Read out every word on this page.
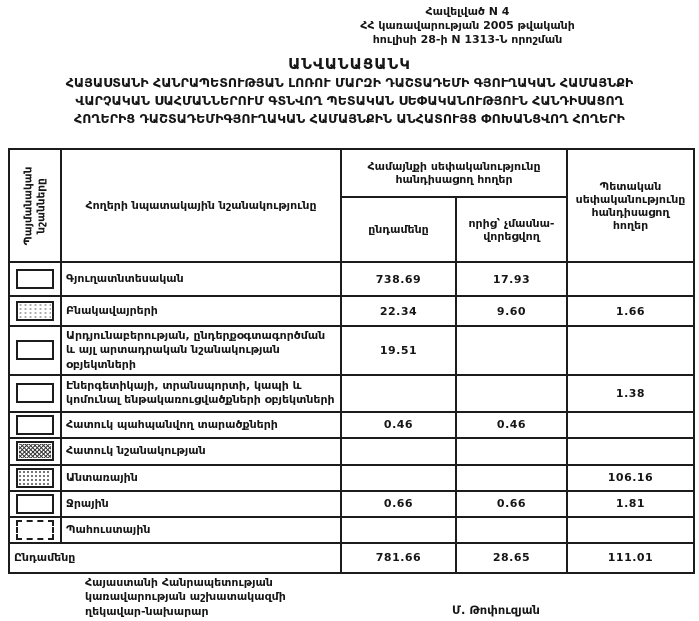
Հավելված N 4
ՀՀ կառավարության 2005 թվականի
հուլիսի 28-ի N 1313-Ն որոշման
ԱՆՎԱՆԱՑԱՆԿ
ՀԱՅԱՍՏԱՆԻ ՀԱՆՐԱՊԵՏՈՒԹՅԱՆ ԼՈՌՈՒ ՄԱՐԶԻ ԴԱՇՏԱԴԵՄԻ ԳՅՈՒՂԱԿԱՆ ՀԱՄԱՅՆՔԻ
ՎԱՐՉԱԿԱՆ ՍԱՀՄԱՆՆԵՐՈՒՄ ԳՏՆՎՈՂ ՊԵՏԱԿԱՆ ՍԵՓԱԿԱՆՈՒԹՅՈՒՆ ՀԱՆԴԻՍԱՑՈՂ
ՀՈՂԵՐԻՑ ԴԱՇՏԱԴԵՄԻԳՅՈՒՂԱԿԱՆ ՀԱՄԱՅՆՔԻՆ ԱՆՀԱՏՈՒՅՑ ՓՈԽԱՆՑՎՈՂ ՀՈՂԵՐԻ
Պայմանական նշանները	Հողերի նպատակային նշանակությունը	Համայնքի սեփականությունը հանդիսացող հողեր		Պետական սեփականությունը հանդիսացող հողեր
		ընդամենը	որից՝ չմասնա-վորեցվող	

	Գյուղատնտեսական	738.69	17.93	

	Բնակավայրերի	22.34	9.60	1.66

	Արդյունաբերության, ընդերքօգտագործման և այլ արտադրական նշանակության օբյեկտների	19.51		

	Էներգետիկայի, տրանսպորտի, կապի և կոմունալ ենթակառուցվածքների օբյեկտների			1.38

	Հատուկ պահպանվող տարածքների	0.46	0.46	

	Հատուկ նշանակության			

	Անտառային			106.16

	Ջրային	0.66	0.66	1.81

	Պահուստային			
Ընդամենը		781.66	28.65	111.01
Հայաստանի Հանրապետության
կառավարության աշխատակազմի
ղեկավար-նախարար	Մ. Թոփուզյան
